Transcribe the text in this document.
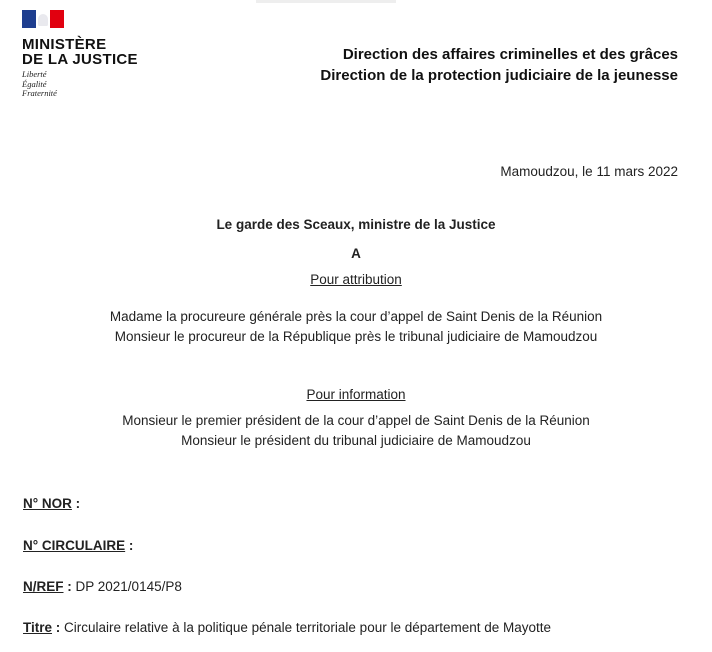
MINISTÈRE
DE LA JUSTICE
Liberté
Égalité
Fraternité
Direction des affaires criminelles et des grâces
Direction de la protection judiciaire de la jeunesse
Mamoudzou, le 11 mars 2022
Le garde des Sceaux, ministre de la Justice
A
Pour attribution
Madame la procureure générale près la cour d’appel de Saint Denis de la Réunion
Monsieur le procureur de la République près le tribunal judiciaire de Mamoudzou
Pour information
Monsieur le premier président de la cour d’appel de Saint Denis de la Réunion
Monsieur le président du tribunal judiciaire de Mamoudzou
N° NOR :
N° CIRCULAIRE :
N/REF : DP 2021/0145/P8
Titre : Circulaire relative à la politique pénale territoriale pour le département de Mayotte
